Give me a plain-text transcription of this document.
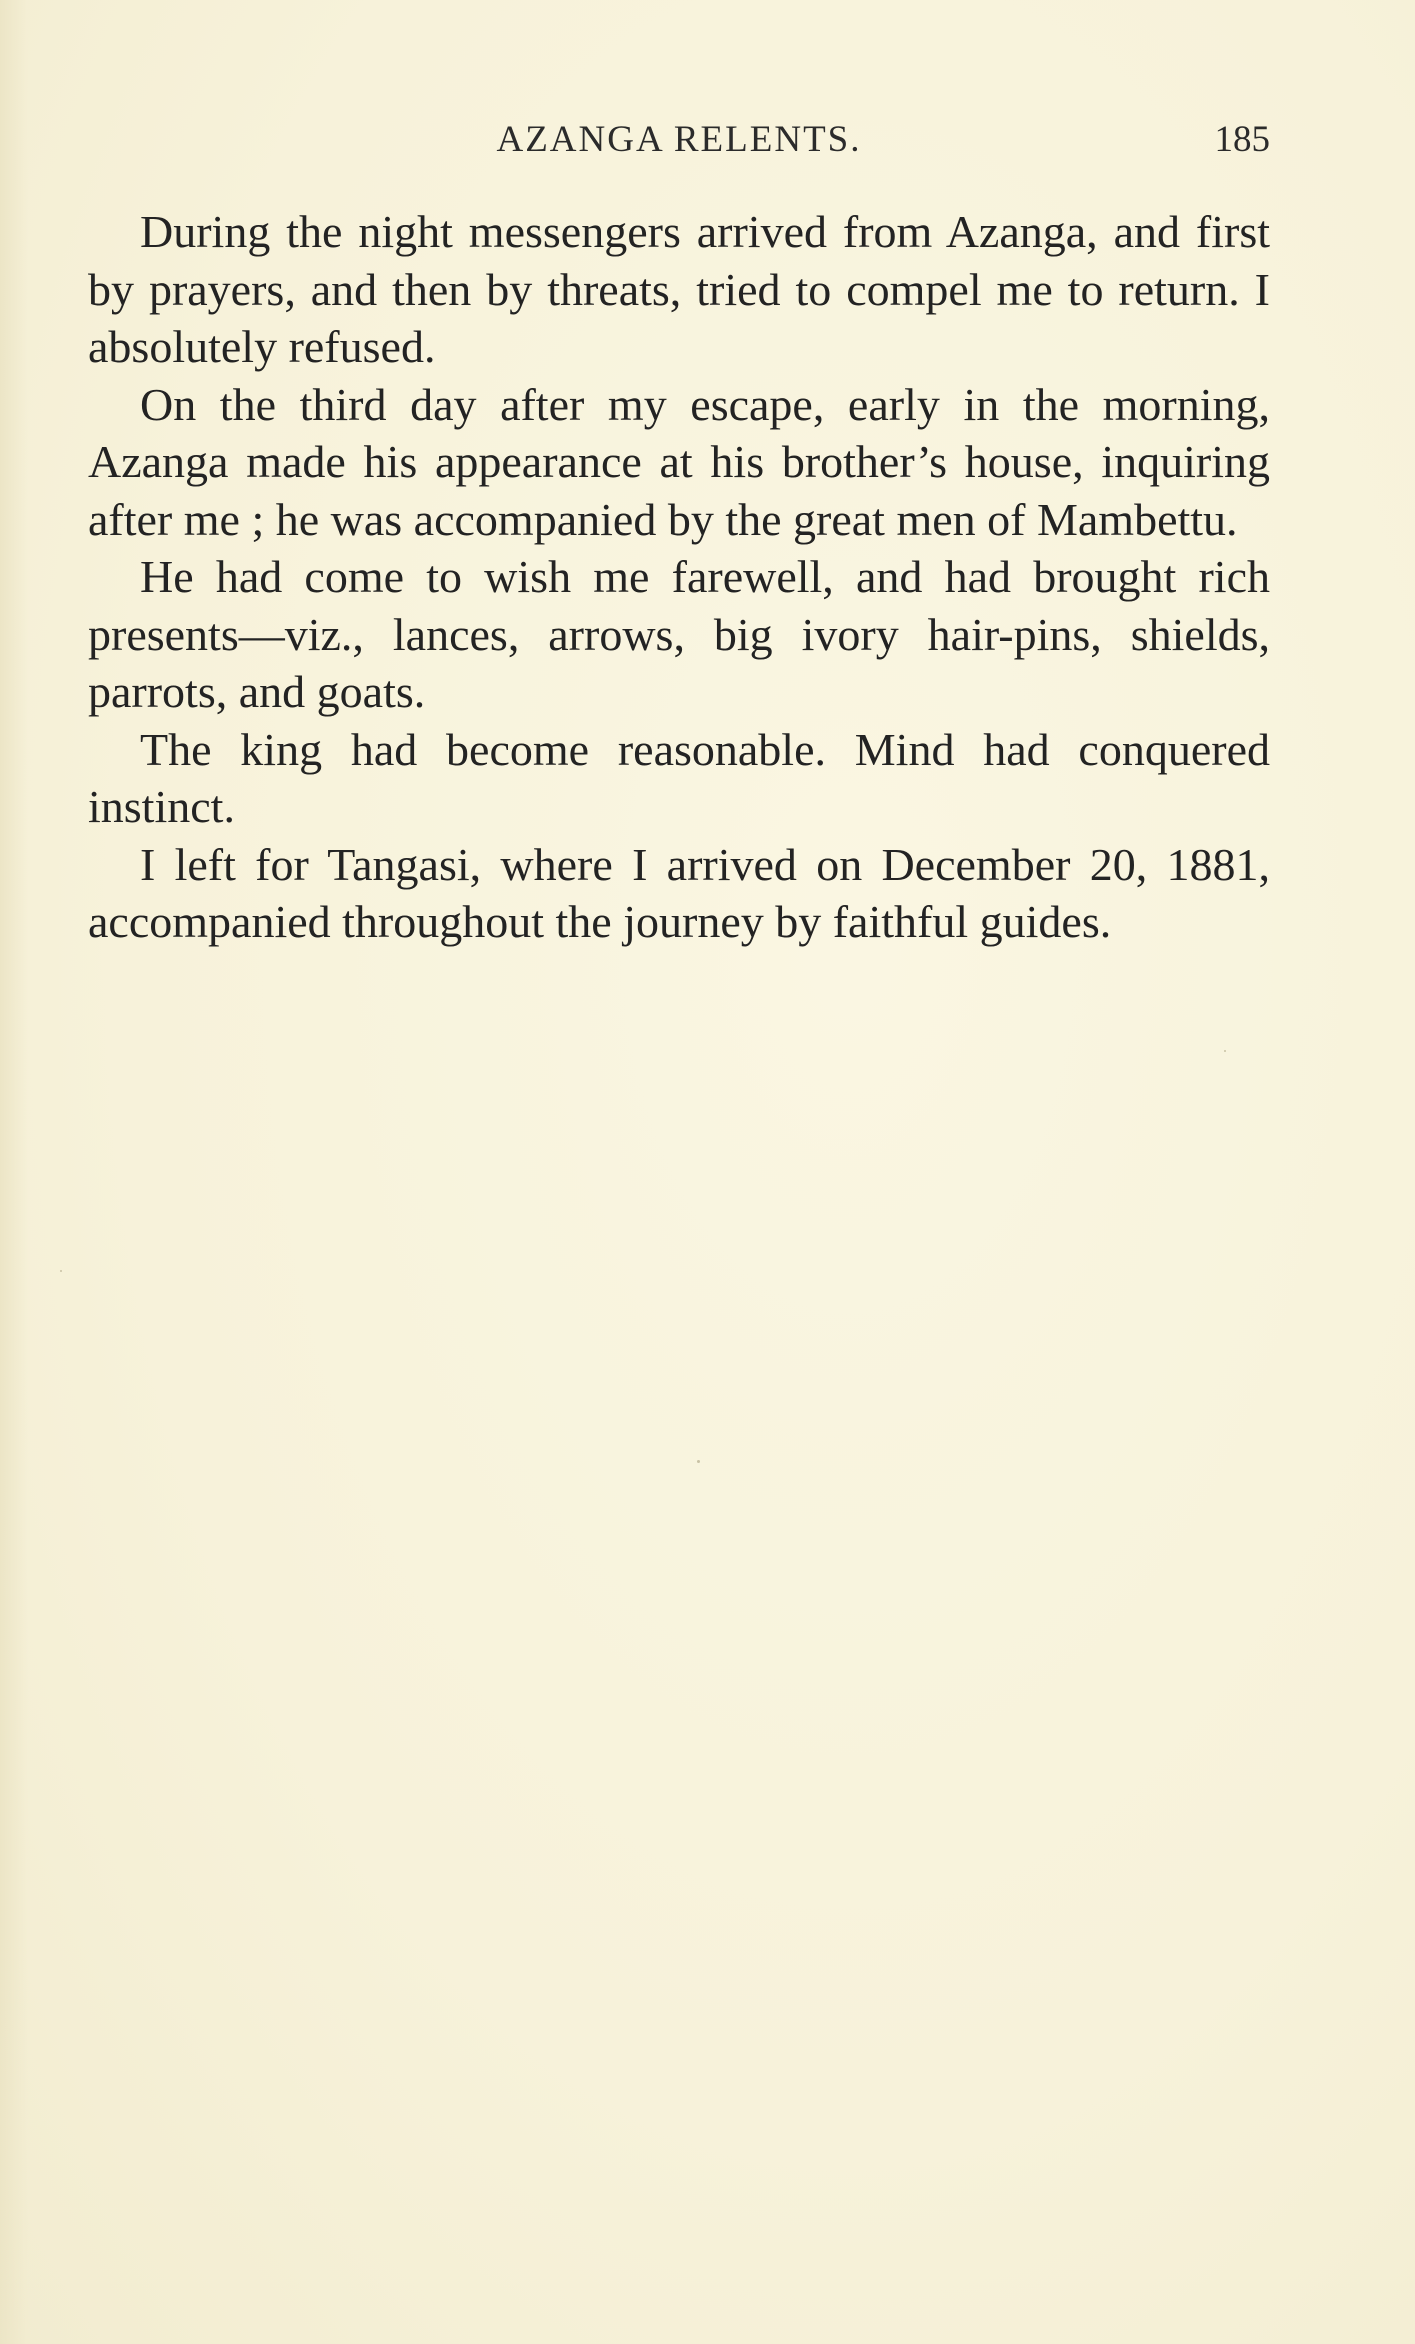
AZANGA RELENTS.	185

During the night messengers arrived from Azanga, and first by prayers, and then by threats, tried to compel me to return. I absolutely refused.

On the third day after my escape, early in the morning, Azanga made his appearance at his brother’s house, inquiring after me ; he was accompanied by the great men of Mambettu.

He had come to wish me farewell, and had brought rich presents—viz., lances, arrows, big ivory hair-pins, shields, parrots, and goats.

The king had become reasonable. Mind had conquered instinct.

I left for Tangasi, where I arrived on December 20, 1881, accompanied throughout the journey by faithful guides.
